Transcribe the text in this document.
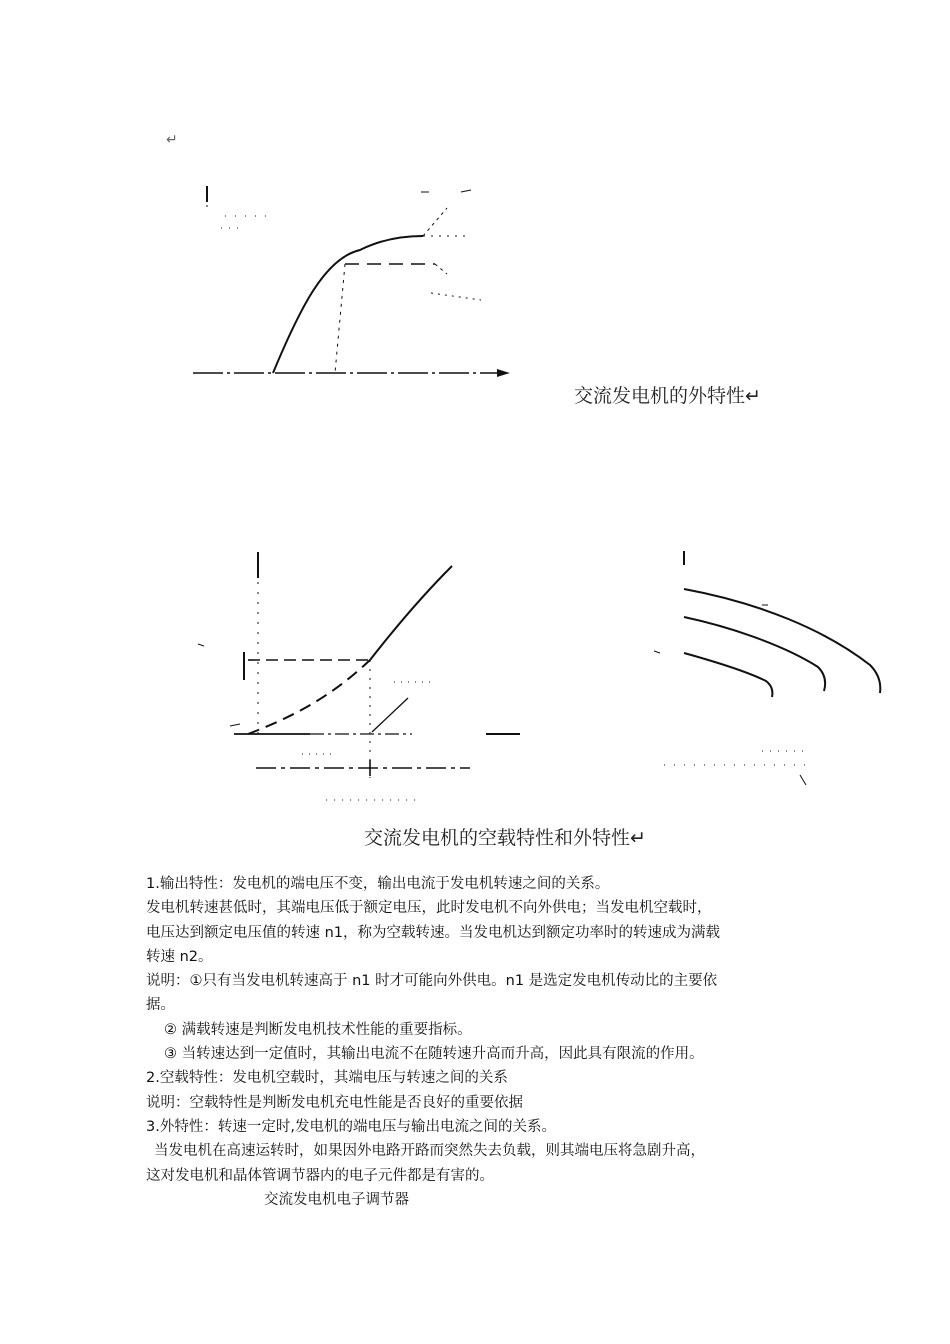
↵
交流发电机的外特性↵
交流发电机的空载特性和外特性↵

1.输出特性：发电机的端电压不变，输出电流于发电机转速之间的关系。

发电机转速甚低时，其端电压低于额定电压，此时发电机不向外供电；当发电机空载时，

电压达到额定电压值的转速 n1，称为空载转速。当发电机达到额定功率时的转速成为满载

转速 n2。

说明：①只有当发电机转速高于 n1 时才可能向外供电。n1 是选定发电机传动比的主要依

据。

② 满载转速是判断发电机技术性能的重要指标。

③ 当转速达到一定值时，其输出电流不在随转速升高而升高，因此具有限流的作用。

2.空载特性：发电机空载时，其端电压与转速之间的关系

说明：空载特性是判断发电机充电性能是否良好的重要依据

3.外特性：转速一定时,发电机的端电压与输出电流之间的关系。

当发电机在高速运转时，如果因外电路开路而突然失去负载，则其端电压将急剧升高，

这对发电机和晶体管调节器内的电子元件都是有害的。

交流发电机电子调节器
